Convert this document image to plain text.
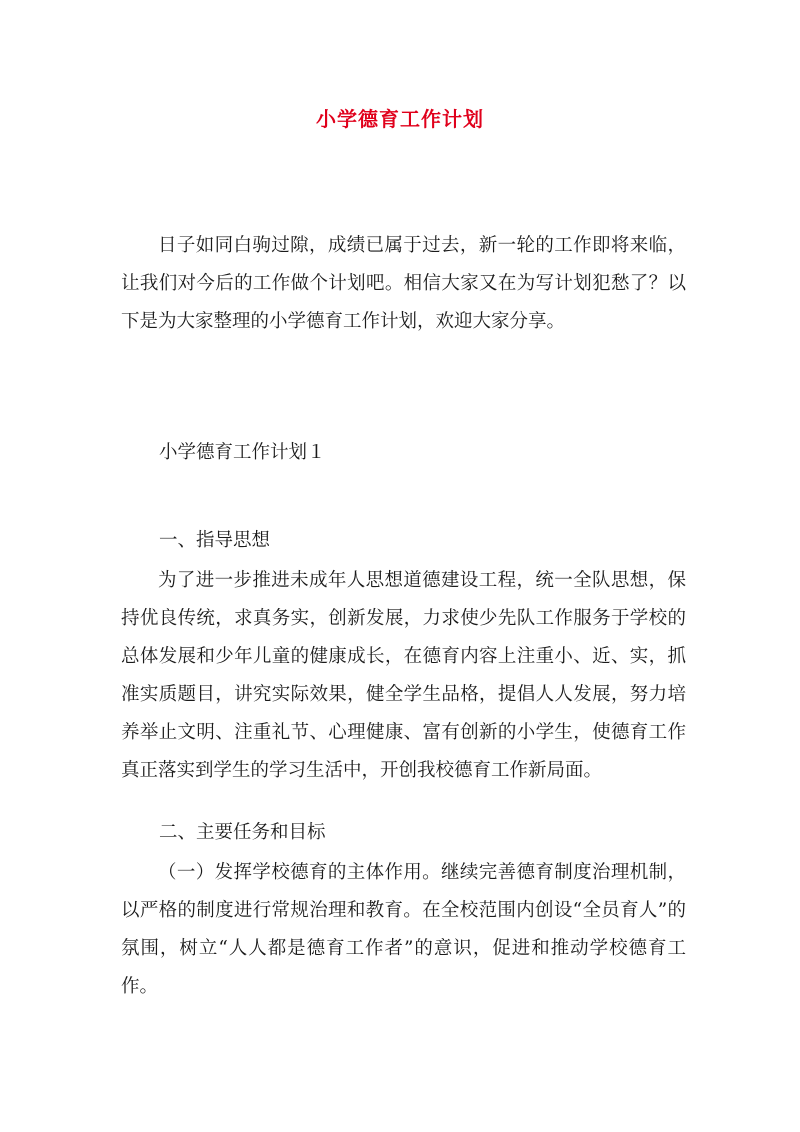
小学德育工作计划

日子如同白驹过隙，成绩已属于过去，新一轮的工作即将来临，让我们对今后的工作做个计划吧。相信大家又在为写计划犯愁了？以下是为大家整理的小学德育工作计划，欢迎大家分享。

小学德育工作计划１

一、指导思想

为了进一步推进未成年人思想道德建设工程，统一全队思想，保持优良传统，求真务实，创新发展，力求使少先队工作服务于学校的总体发展和少年儿童的健康成长，在德育内容上注重小、近、实，抓准实质题目，讲究实际效果，健全学生品格，提倡人人发展，努力培养举止文明、注重礼节、心理健康、富有创新的小学生，使德育工作真正落实到学生的学习生活中，开创我校德育工作新局面。

二、主要任务和目标

（一）发挥学校德育的主体作用。继续完善德育制度治理机制，以严格的制度进行常规治理和教育。在全校范围内创设“全员育人”的氛围，树立“人人都是德育工作者”的意识，促进和推动学校德育工作。
